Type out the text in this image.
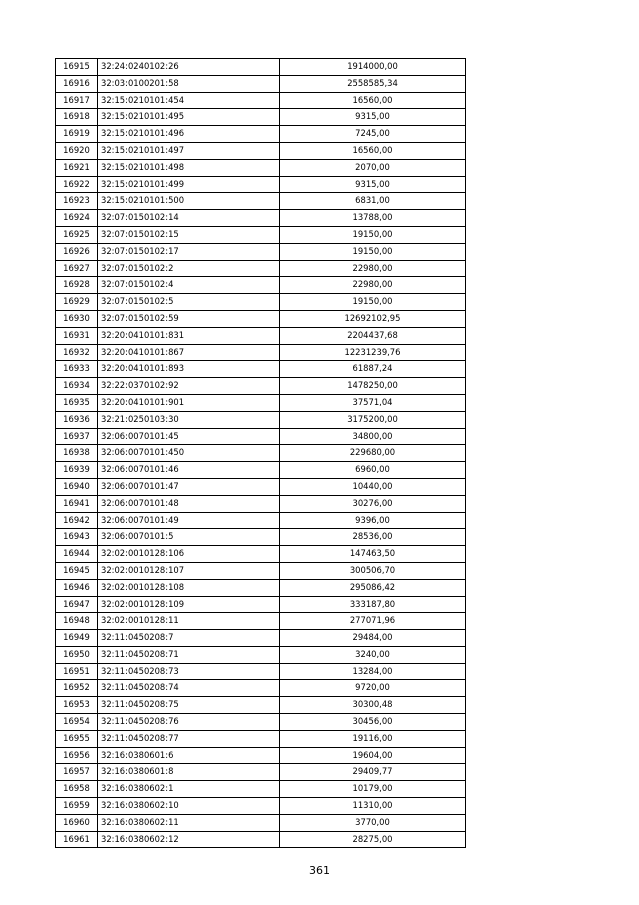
16915	32:24:0240102:26	1914000,00
16916	32:03:0100201:58	2558585,34
16917	32:15:0210101:454	16560,00
16918	32:15:0210101:495	9315,00
16919	32:15:0210101:496	7245,00
16920	32:15:0210101:497	16560,00
16921	32:15:0210101:498	2070,00
16922	32:15:0210101:499	9315,00
16923	32:15:0210101:500	6831,00
16924	32:07:0150102:14	13788,00
16925	32:07:0150102:15	19150,00
16926	32:07:0150102:17	19150,00
16927	32:07:0150102:2	22980,00
16928	32:07:0150102:4	22980,00
16929	32:07:0150102:5	19150,00
16930	32:07:0150102:59	12692102,95
16931	32:20:0410101:831	2204437,68
16932	32:20:0410101:867	12231239,76
16933	32:20:0410101:893	61887,24
16934	32:22:0370102:92	1478250,00
16935	32:20:0410101:901	37571,04
16936	32:21:0250103:30	3175200,00
16937	32:06:0070101:45	34800,00
16938	32:06:0070101:450	229680,00
16939	32:06:0070101:46	6960,00
16940	32:06:0070101:47	10440,00
16941	32:06:0070101:48	30276,00
16942	32:06:0070101:49	9396,00
16943	32:06:0070101:5	28536,00
16944	32:02:0010128:106	147463,50
16945	32:02:0010128:107	300506,70
16946	32:02:0010128:108	295086,42
16947	32:02:0010128:109	333187,80
16948	32:02:0010128:11	277071,96
16949	32:11:0450208:7	29484,00
16950	32:11:0450208:71	3240,00
16951	32:11:0450208:73	13284,00
16952	32:11:0450208:74	9720,00
16953	32:11:0450208:75	30300,48
16954	32:11:0450208:76	30456,00
16955	32:11:0450208:77	19116,00
16956	32:16:0380601:6	19604,00
16957	32:16:0380601:8	29409,77
16958	32:16:0380602:1	10179,00
16959	32:16:0380602:10	11310,00
16960	32:16:0380602:11	3770,00
16961	32:16:0380602:12	28275,00
361
